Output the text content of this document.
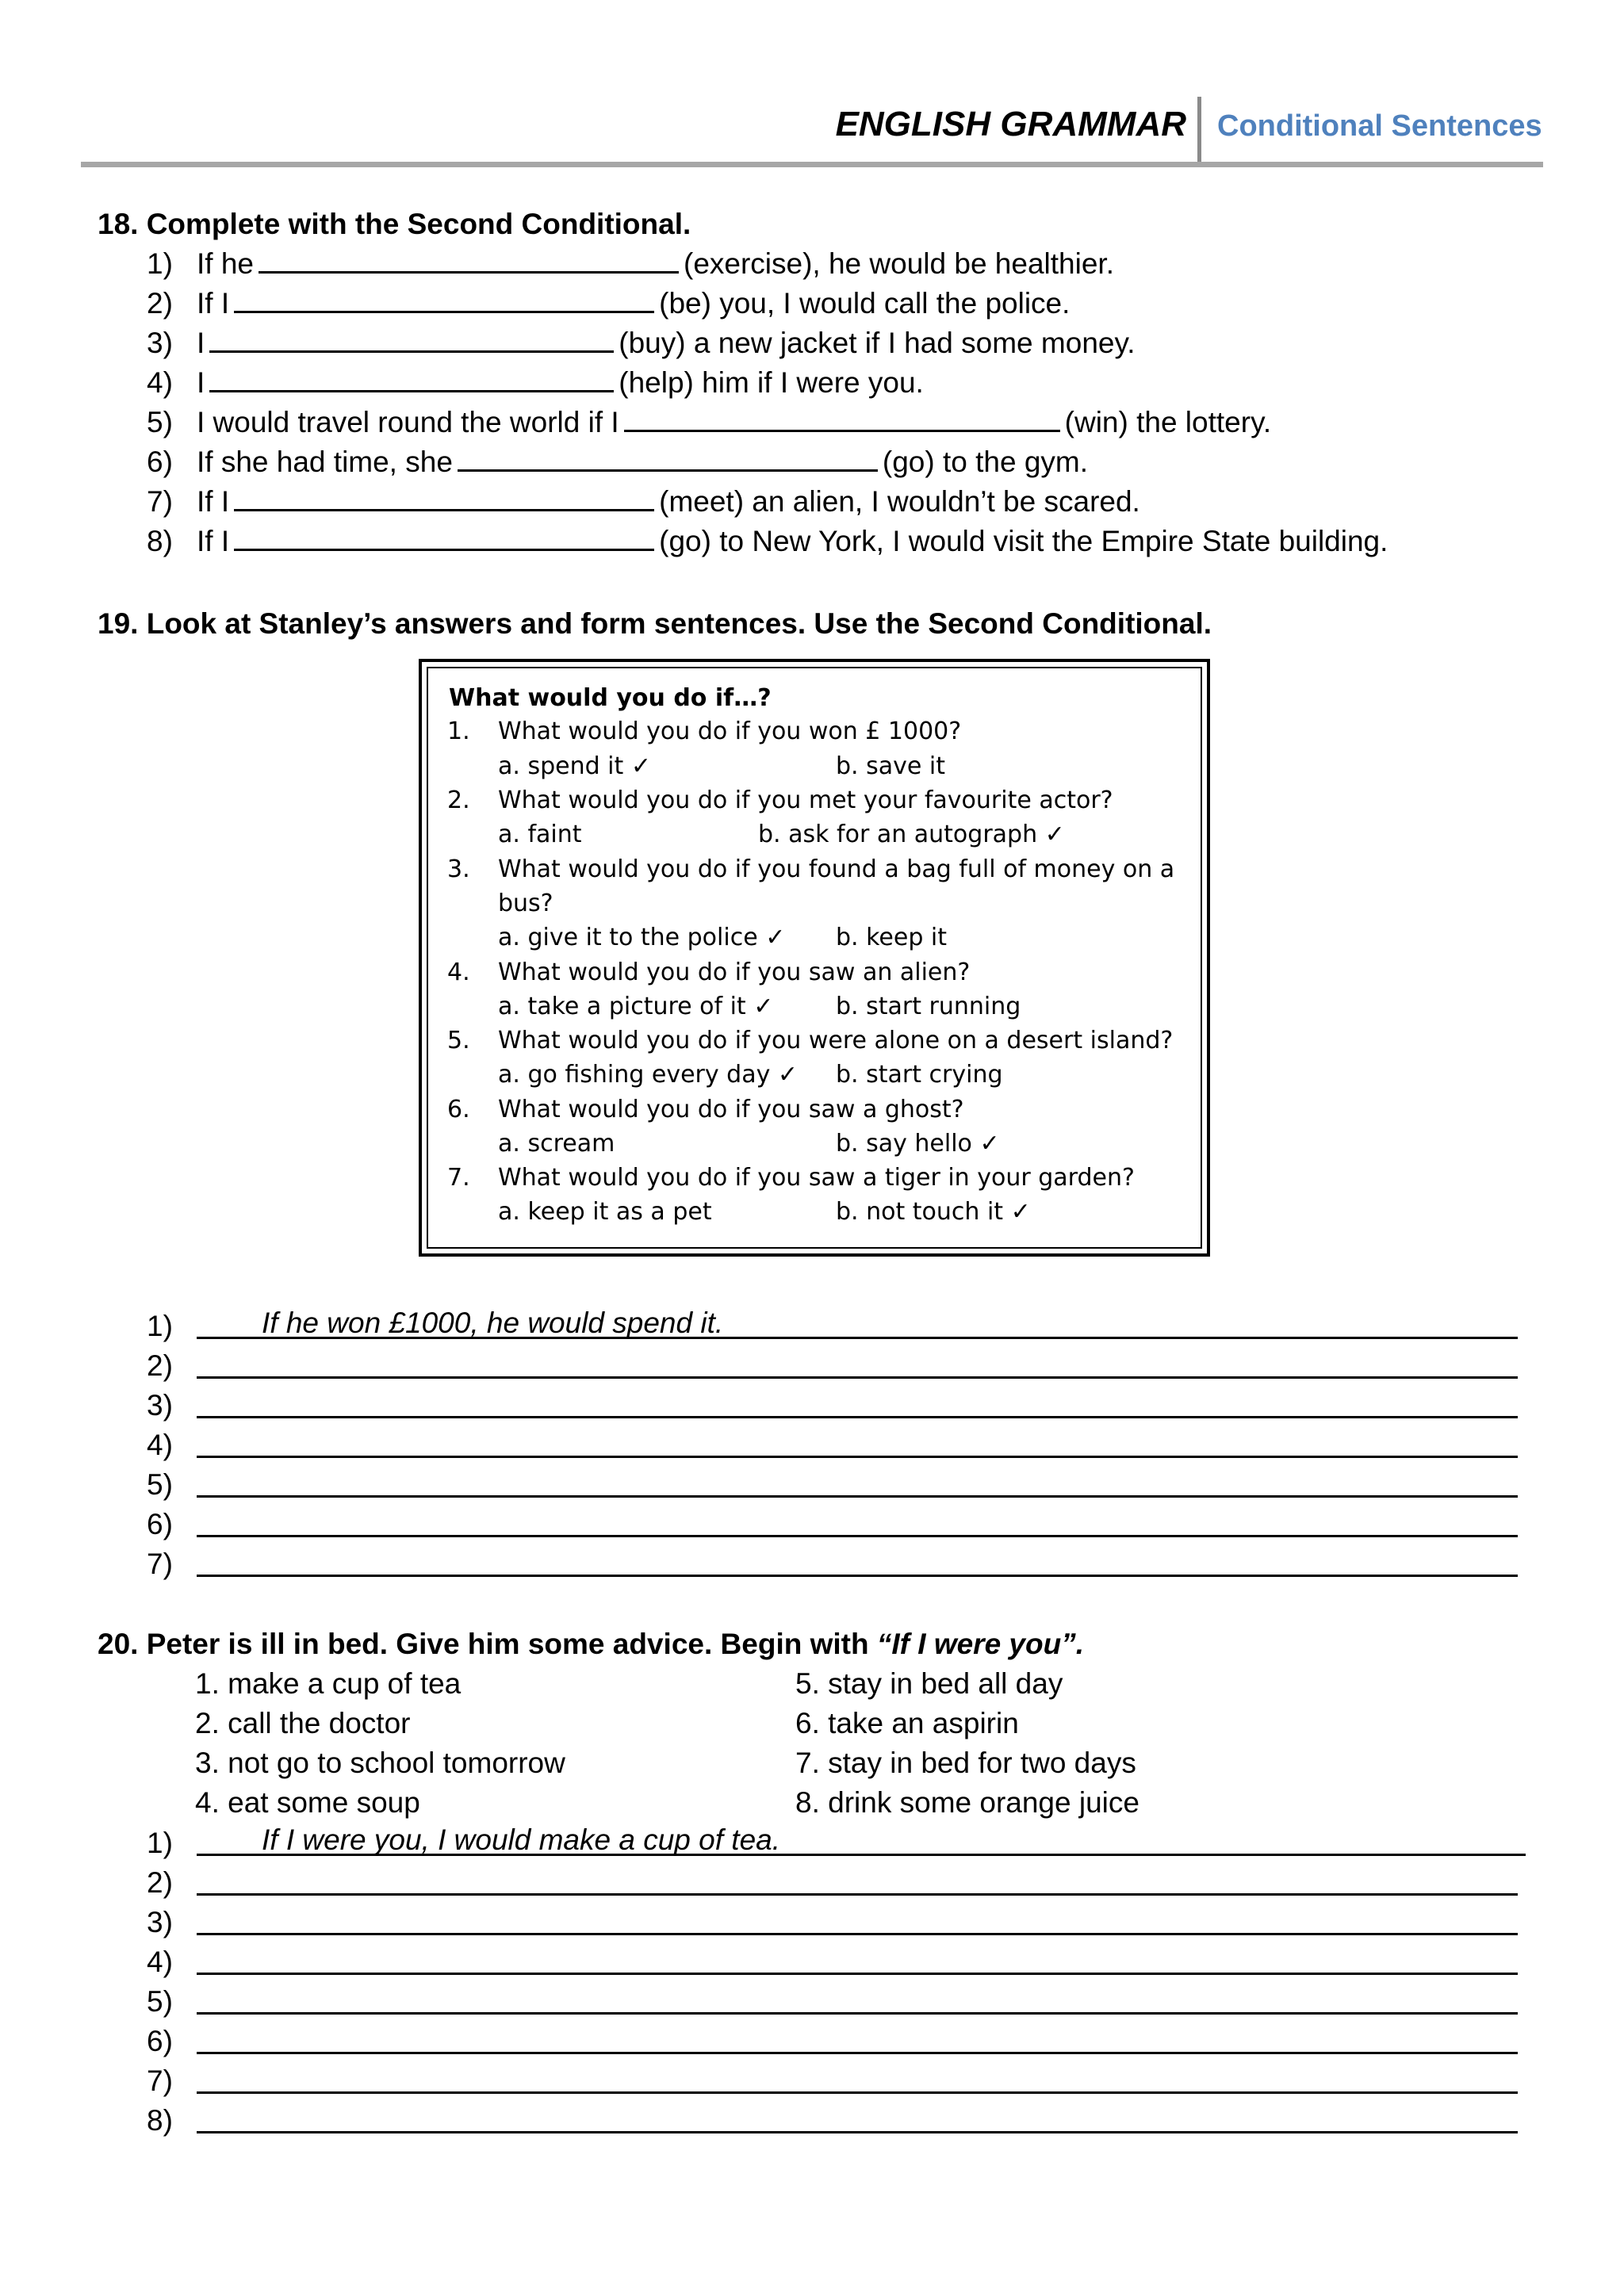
ENGLISH GRAMMAR Conditional Sentences
18. Complete with the Second Conditional.
1) If he	(exercise), he would be healthier.
2) If I	(be) you, I would call the police.
3) I	(buy) a new jacket if I had some money.
4) I	(help) him if I were you.
5) I would travel round the world if I	(win) the lottery.
6) If she had time, she	(go) to the gym.
7) If I	(meet) an alien, I wouldn’t be scared.
8) If I	(go) to New York, I would visit the Empire State building.
19. Look at Stanley’s answers and form sentences. Use the Second Conditional.
What would you do if…?
1. What would you do if you won £ 1000?
a. spend it ✓	b. save it
2. What would you do if you met your favourite actor?
a. faint	b. ask for an autograph ✓
3. What would you do if you found a bag full of money on a
bus?
a. give it to the police ✓ b. keep it
4. What would you do if you saw an alien?
a. take a picture of it ✓	b. start running
5. What would you do if you were alone on a desert island?
a. go fishing every day ✓ b. start crying
6. What would you do if you saw a ghost?
a. scream	b. say hello ✓
7. What would you do if you saw a tiger in your garden?
a. keep it as a pet	b. not touch it ✓
1)	If he won £1000, he would spend it.
2)
3)
4)
5)
6)
7)
20. Peter is ill in bed. Give him some advice. Begin with “If I were you”.
1. make a cup of tea
2. call the doctor
3. not go to school tomorrow
4. eat some soup
5. stay in bed all day
6. take an aspirin
7. stay in bed for two days
8. drink some orange juice
1)	If I were you, I would make a cup of tea.
2)
3)
4)
5)
6)
7)
8)
